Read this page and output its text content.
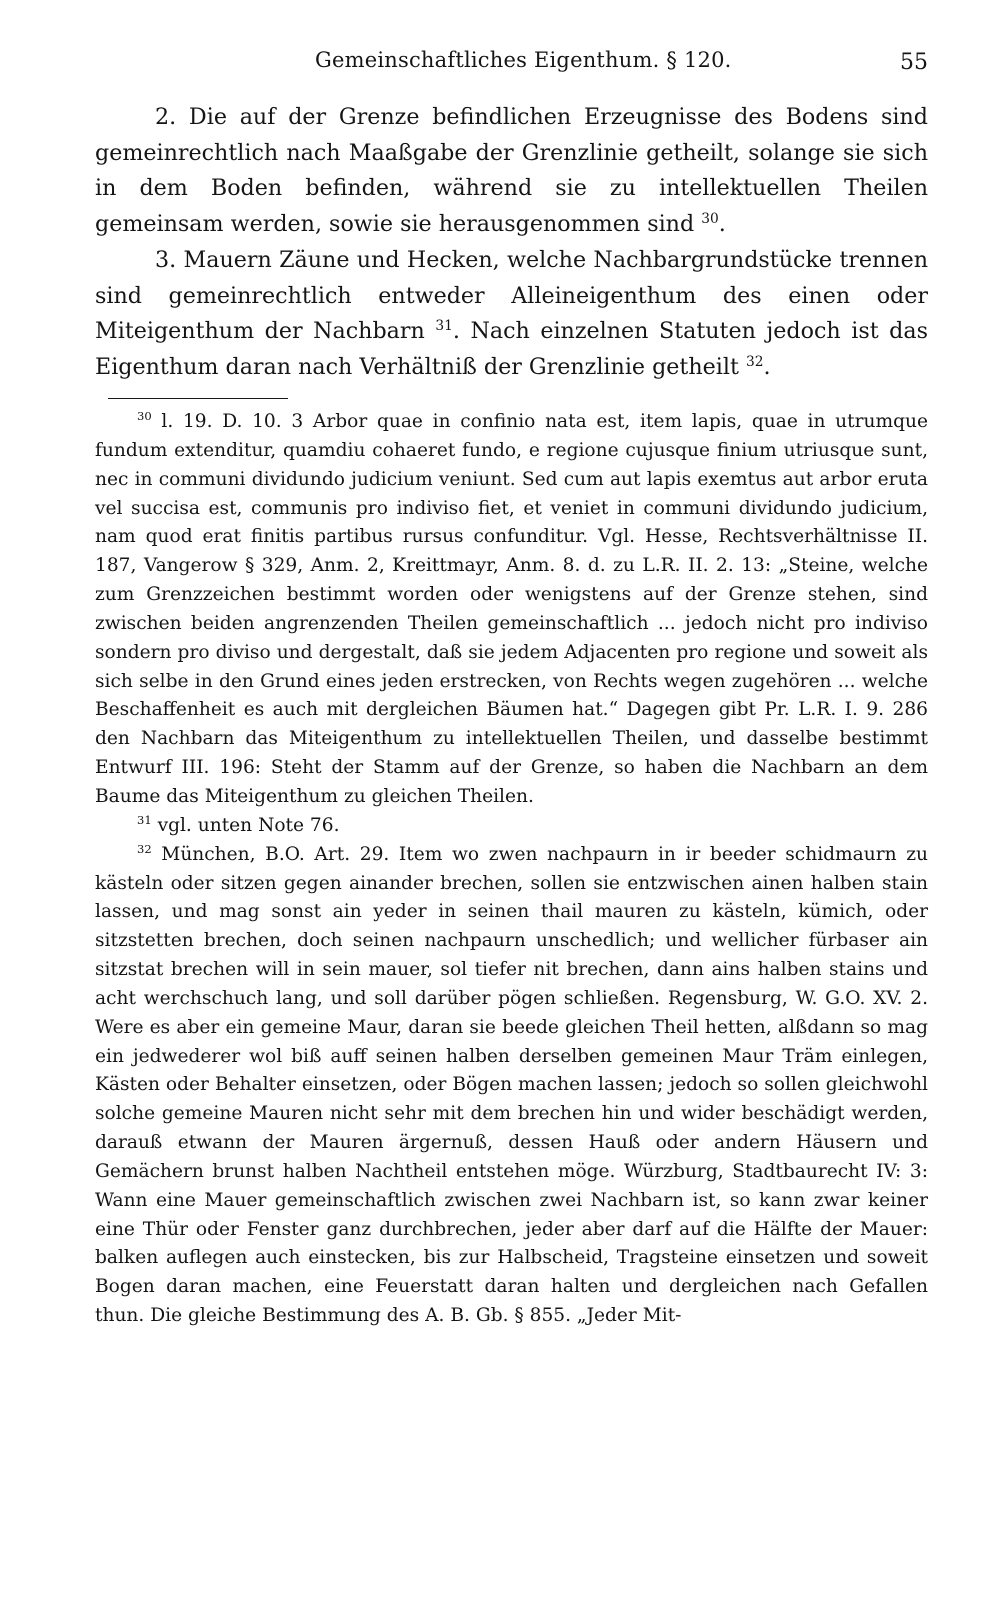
Gemeinschaftliches Eigenthum. § 120.	55

2. Die auf der Grenze befindlichen Erzeugnisse des Bodens sind gemeinrechtlich nach Maaßgabe der Grenzlinie getheilt, solange sie sich in dem Boden befinden, während sie zu intellektuellen Theilen gemeinsam werden, sowie sie herausgenommen sind $^{30}$.

3. Mauern Zäune und Hecken, welche Nachbargrundstücke trennen sind gemeinrechtlich entweder Alleineigenthum des einen oder Miteigenthum der Nachbarn $^{31}$. Nach einzelnen Statuten jedoch ist das Eigenthum daran nach Verhältniß der Grenzlinie getheilt $^{32}$.

$^{30}$ l. 19. D. 10. 3 Arbor quae in confinio nata est, item lapis, quae in utrumque fundum extenditur, quamdiu cohaeret fundo, e regione cujusque finium utriusque sunt, nec in communi dividundo judicium veniunt. Sed cum aut lapis exemtus aut arbor eruta vel succisa est, communis pro indiviso fiet, et veniet in communi dividundo judicium, nam quod erat finitis partibus rursus confunditur. Vgl. Hesse, Rechtsverhältnisse II. 187, Vangerow § 329, Anm. 2, Kreittmayr, Anm. 8. d. zu L.R. II. 2. 13: „Steine, welche zum Grenzzeichen bestimmt worden oder wenigstens auf der Grenze stehen, sind zwischen beiden angrenzenden Theilen gemeinschaftlich ... jedoch nicht pro indiviso sondern pro diviso und dergestalt, daß sie jedem Adjacenten pro regione und soweit als sich selbe in den Grund eines jeden erstrecken, von Rechts wegen zugehören ... welche Beschaffenheit es auch mit dergleichen Bäumen hat.“ Dagegen gibt Pr. L.R. I. 9. 286 den Nachbarn das Miteigenthum zu intellektuellen Theilen, und dasselbe bestimmt Entwurf III. 196: Steht der Stamm auf der Grenze, so haben die Nachbarn an dem Baume das Miteigenthum zu gleichen Theilen.

$^{31}$ vgl. unten Note 76.

$^{32}$ München, B.O. Art. 29. Item wo zwen nachpaurn in ir beeder schidmaurn zu kästeln oder sitzen gegen ainander brechen, sollen sie entzwischen ainen halben stain lassen, und mag sonst ain yeder in seinen thail mauren zu kästeln, kümich, oder sitzstetten brechen, doch seinen nachpaurn unschedlich; und wellicher fürbaser ain sitzstat brechen will in sein mauer, sol tiefer nit brechen, dann ains halben stains und acht werchschuch lang, und soll darüber pögen schließen. Regensburg, W. G.O. XV. 2. Were es aber ein gemeine Maur, daran sie beede gleichen Theil hetten, alßdann so mag ein jedwederer wol biß auff seinen halben derselben gemeinen Maur Träm einlegen, Kästen oder Behalter einsetzen, oder Bögen machen lassen; jedoch so sollen gleichwohl solche gemeine Mauren nicht sehr mit dem brechen hin und wider beschädigt werden, darauß etwann der Mauren ärgernuß, dessen Hauß oder andern Häusern und Gemächern brunst halben Nachtheil entstehen möge. Würzburg, Stadtbaurecht IV: 3: Wann eine Mauer gemeinschaftlich zwischen zwei Nachbarn ist, so kann zwar keiner eine Thür oder Fenster ganz durchbrechen, jeder aber darf auf die Hälfte der Mauer: balken auflegen auch einstecken, bis zur Halbscheid, Tragsteine einsetzen und soweit Bogen daran machen, eine Feuerstatt daran halten und dergleichen nach Gefallen thun. Die gleiche Bestimmung des A. B. Gb. § 855. „Jeder Mit-
